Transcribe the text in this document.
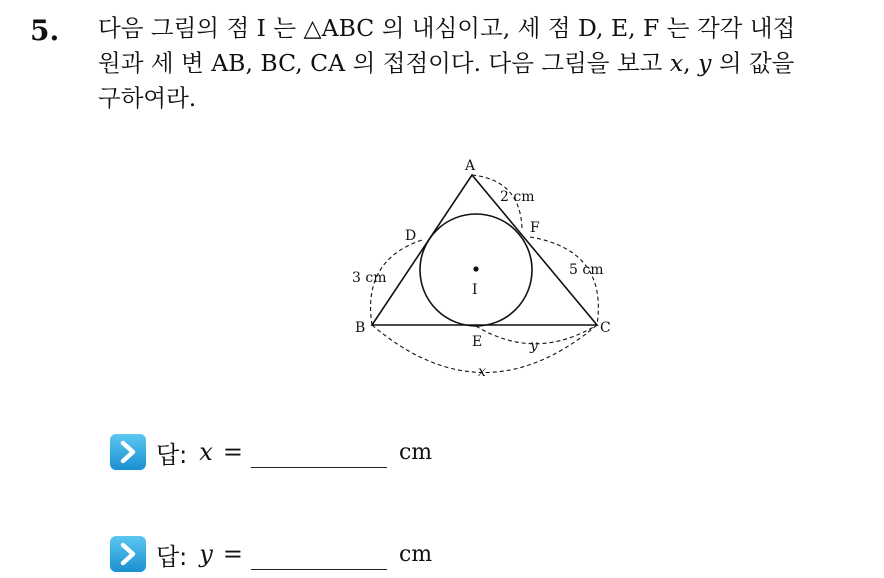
5. 다음 그림의 점 I 는 △ABC 의 내심이고, 세 점 D, E, F 는 각각 내접
원과 세 변 AB, BC, CA 의 접점이다. 다음 그림을 보고 x, y 의 값을
구하여라.
A
B	C
D
E
F
I
2 cm
3 cm	5 cm
y
x
답: x =	cm
답: y =	cm
